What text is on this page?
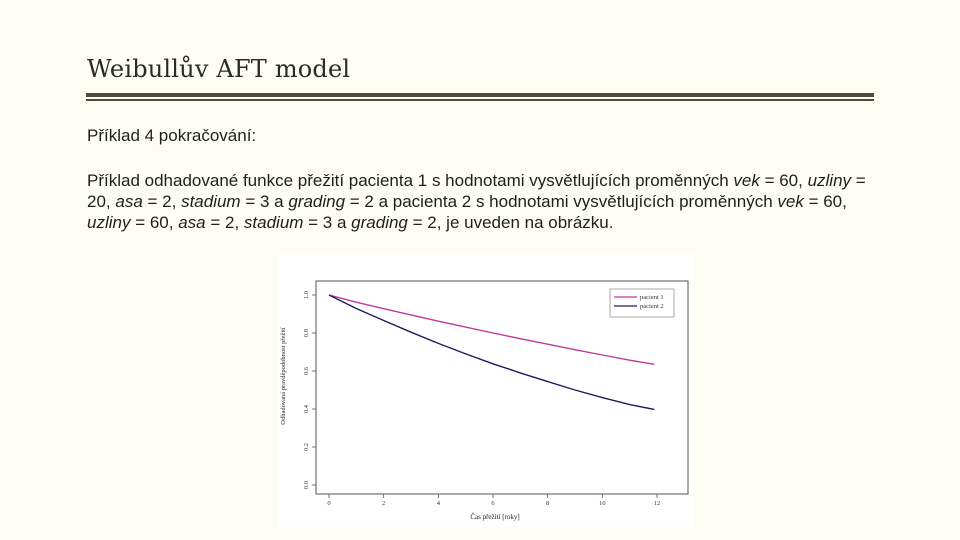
Weibullův AFT model
Příklad 4 pokračování:
Příklad odhadované funkce přežití pacienta 1 s hodnotami vysvětlujících proměnných vek = 60, uzliny = 20, asa = 2, stadium = 3 a grading = 2 a pacienta 2 s hodnotami vysvětlujících proměnných vek = 60, uzliny = 60, asa = 2, stadium = 3 a grading = 2, je uveden na obrázku.
0.0
0.2
0.4
0.6
0.8
1.0
0	2	4	6	8	10	12
Čas přežití [roky]
Odhadovaná pravděpodobnost přežití
pacient 1
pacient 2
